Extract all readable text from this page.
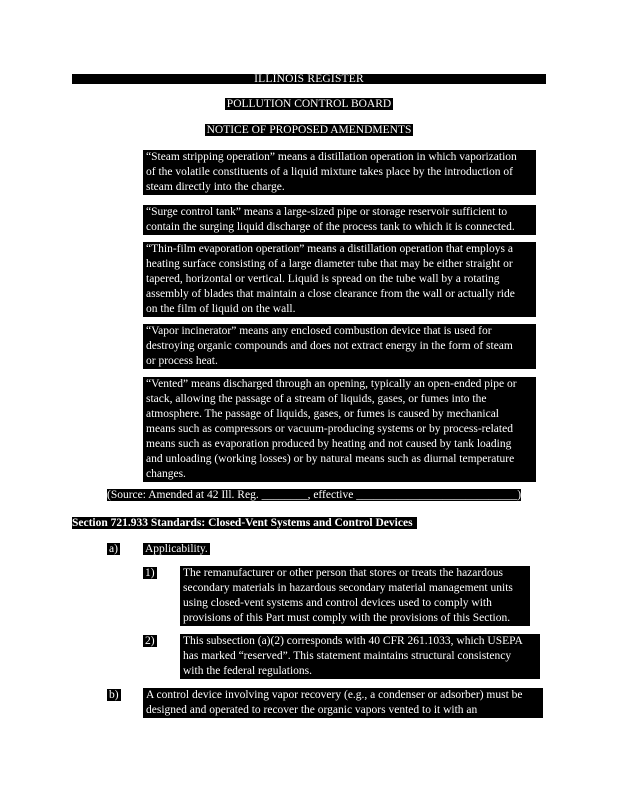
ILLINOIS REGISTER
POLLUTION CONTROL BOARD
NOTICE OF PROPOSED AMENDMENTS
“Steam stripping operation” means a distillation operation in which vaporization
of the volatile constituents of a liquid mixture takes place by the introduction of
steam directly into the charge.
“Surge control tank” means a large-sized pipe or storage reservoir sufficient to
contain the surging liquid discharge of the process tank to which it is connected.
“Thin-film evaporation operation” means a distillation operation that employs a
heating surface consisting of a large diameter tube that may be either straight or
tapered, horizontal or vertical. Liquid is spread on the tube wall by a rotating
assembly of blades that maintain a close clearance from the wall or actually ride
on the film of liquid on the wall.
“Vapor incinerator” means any enclosed combustion device that is used for
destroying organic compounds and does not extract energy in the form of steam
or process heat.
“Vented” means discharged through an opening, typically an open-ended pipe or
stack, allowing the passage of a stream of liquids, gases, or fumes into the
atmosphere. The passage of liquids, gases, or fumes is caused by mechanical
means such as compressors or vacuum-producing systems or by process-related
means such as evaporation produced by heating and not caused by tank loading
and unloading (working losses) or by natural means such as diurnal temperature
changes.
(Source: Amended at 42 Ill. Reg. ________, effective ____________________________)
Section 721.933 Standards: Closed-Vent Systems and Control Devices
a) Applicability.
1) The remanufacturer or other person that stores or treats the hazardous
secondary materials in hazardous secondary material management units
using closed-vent systems and control devices used to comply with
provisions of this Part must comply with the provisions of this Section.
2) This subsection (a)(2) corresponds with 40 CFR 261.1033, which USEPA
has marked “reserved”. This statement maintains structural consistency
with the federal regulations.
b) A control device involving vapor recovery (e.g., a condenser or adsorber) must be
designed and operated to recover the organic vapors vented to it with an
